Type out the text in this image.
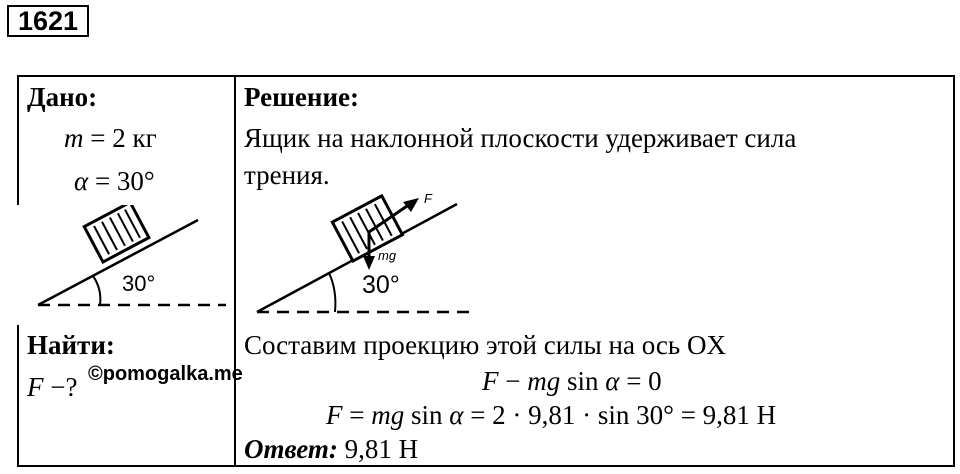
1621
Дано:
m = 2 кг
α = 30°
30°
Найти:
F −? ©pomogalka.me
Решение:
Ящик на наклонной плоскости удерживает сила
трения.
F
mg
30°
Составим проекцию этой силы на ось OX
F − mg sin α = 0
F = mg sin α = 2 · 9,81 · sin 30° = 9,81 Н
Ответ: 9,81 Н
